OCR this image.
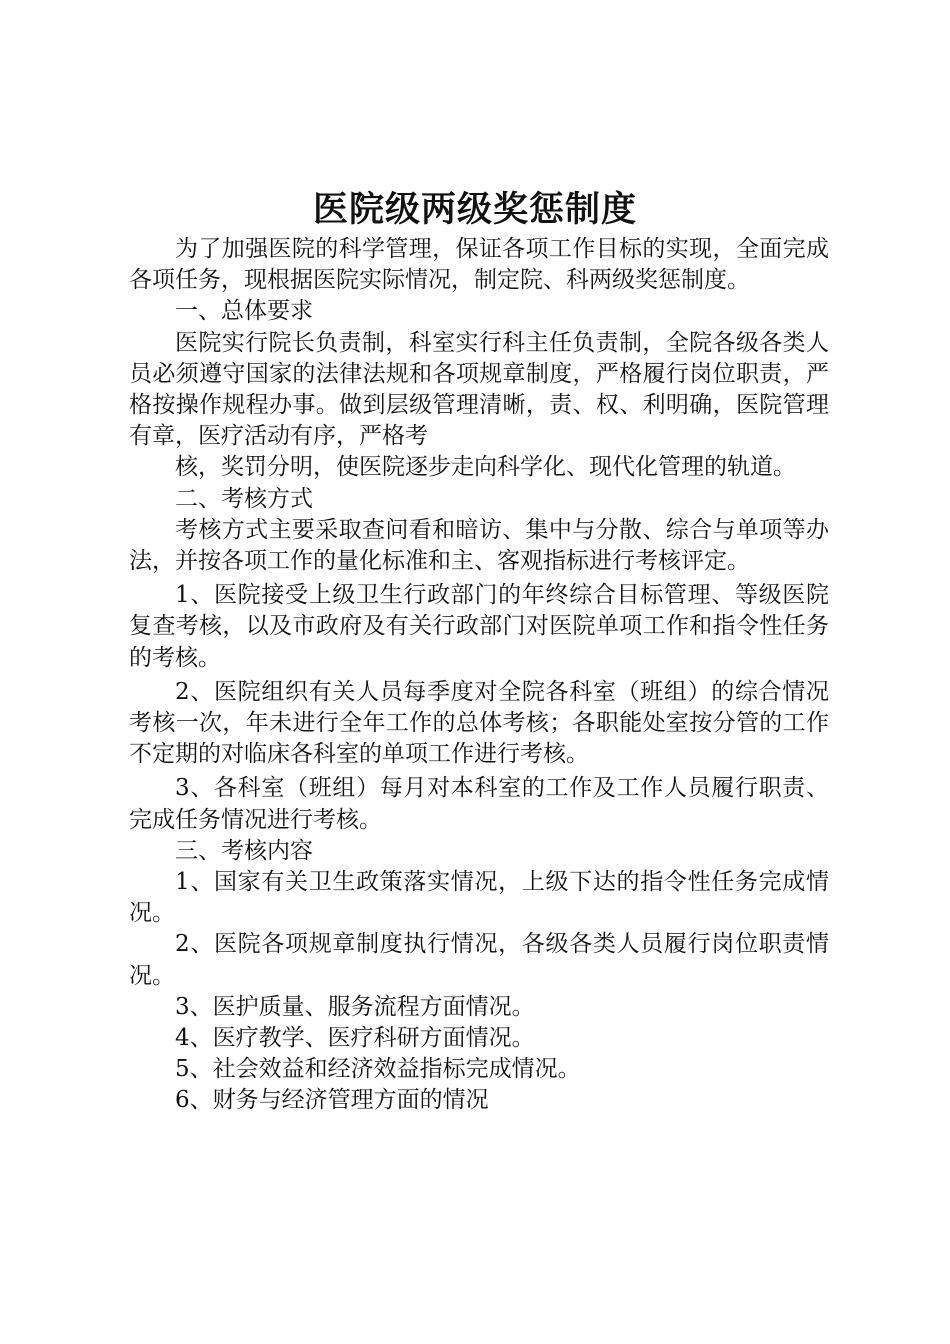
医院级两级奖惩制度

为了加强医院的科学管理，保证各项工作目标的实现，全面完成各项任务，现根据医院实际情况，制定院、科两级奖惩制度。

一、总体要求

医院实行院长负责制，科室实行科主任负责制，全院各级各类人员必须遵守国家的法律法规和各项规章制度，严格履行岗位职责，严格按操作规程办事。做到层级管理清晰，责、权、利明确，医院管理有章，医疗活动有序，严格考

核，奖罚分明，使医院逐步走向科学化、现代化管理的轨道。

二、考核方式

考核方式主要采取查问看和暗访、集中与分散、综合与单项等办法，并按各项工作的量化标准和主、客观指标进行考核评定。

1、医院接受上级卫生行政部门的年终综合目标管理、等级医院复查考核，以及市政府及有关行政部门对医院单项工作和指令性任务的考核。

2、医院组织有关人员每季度对全院各科室（班组）的综合情况考核一次，年未进行全年工作的总体考核；各职能处室按分管的工作不定期的对临床各科室的单项工作进行考核。

3、各科室（班组）每月对本科室的工作及工作人员履行职责、完成任务情况进行考核。

三、考核内容

1、国家有关卫生政策落实情况，上级下达的指令性任务完成情况。

2、医院各项规章制度执行情况，各级各类人员履行岗位职责情况。

3、医护质量、服务流程方面情况。

4、医疗教学、医疗科研方面情况。

5、社会效益和经济效益指标完成情况。

6、财务与经济管理方面的情况
